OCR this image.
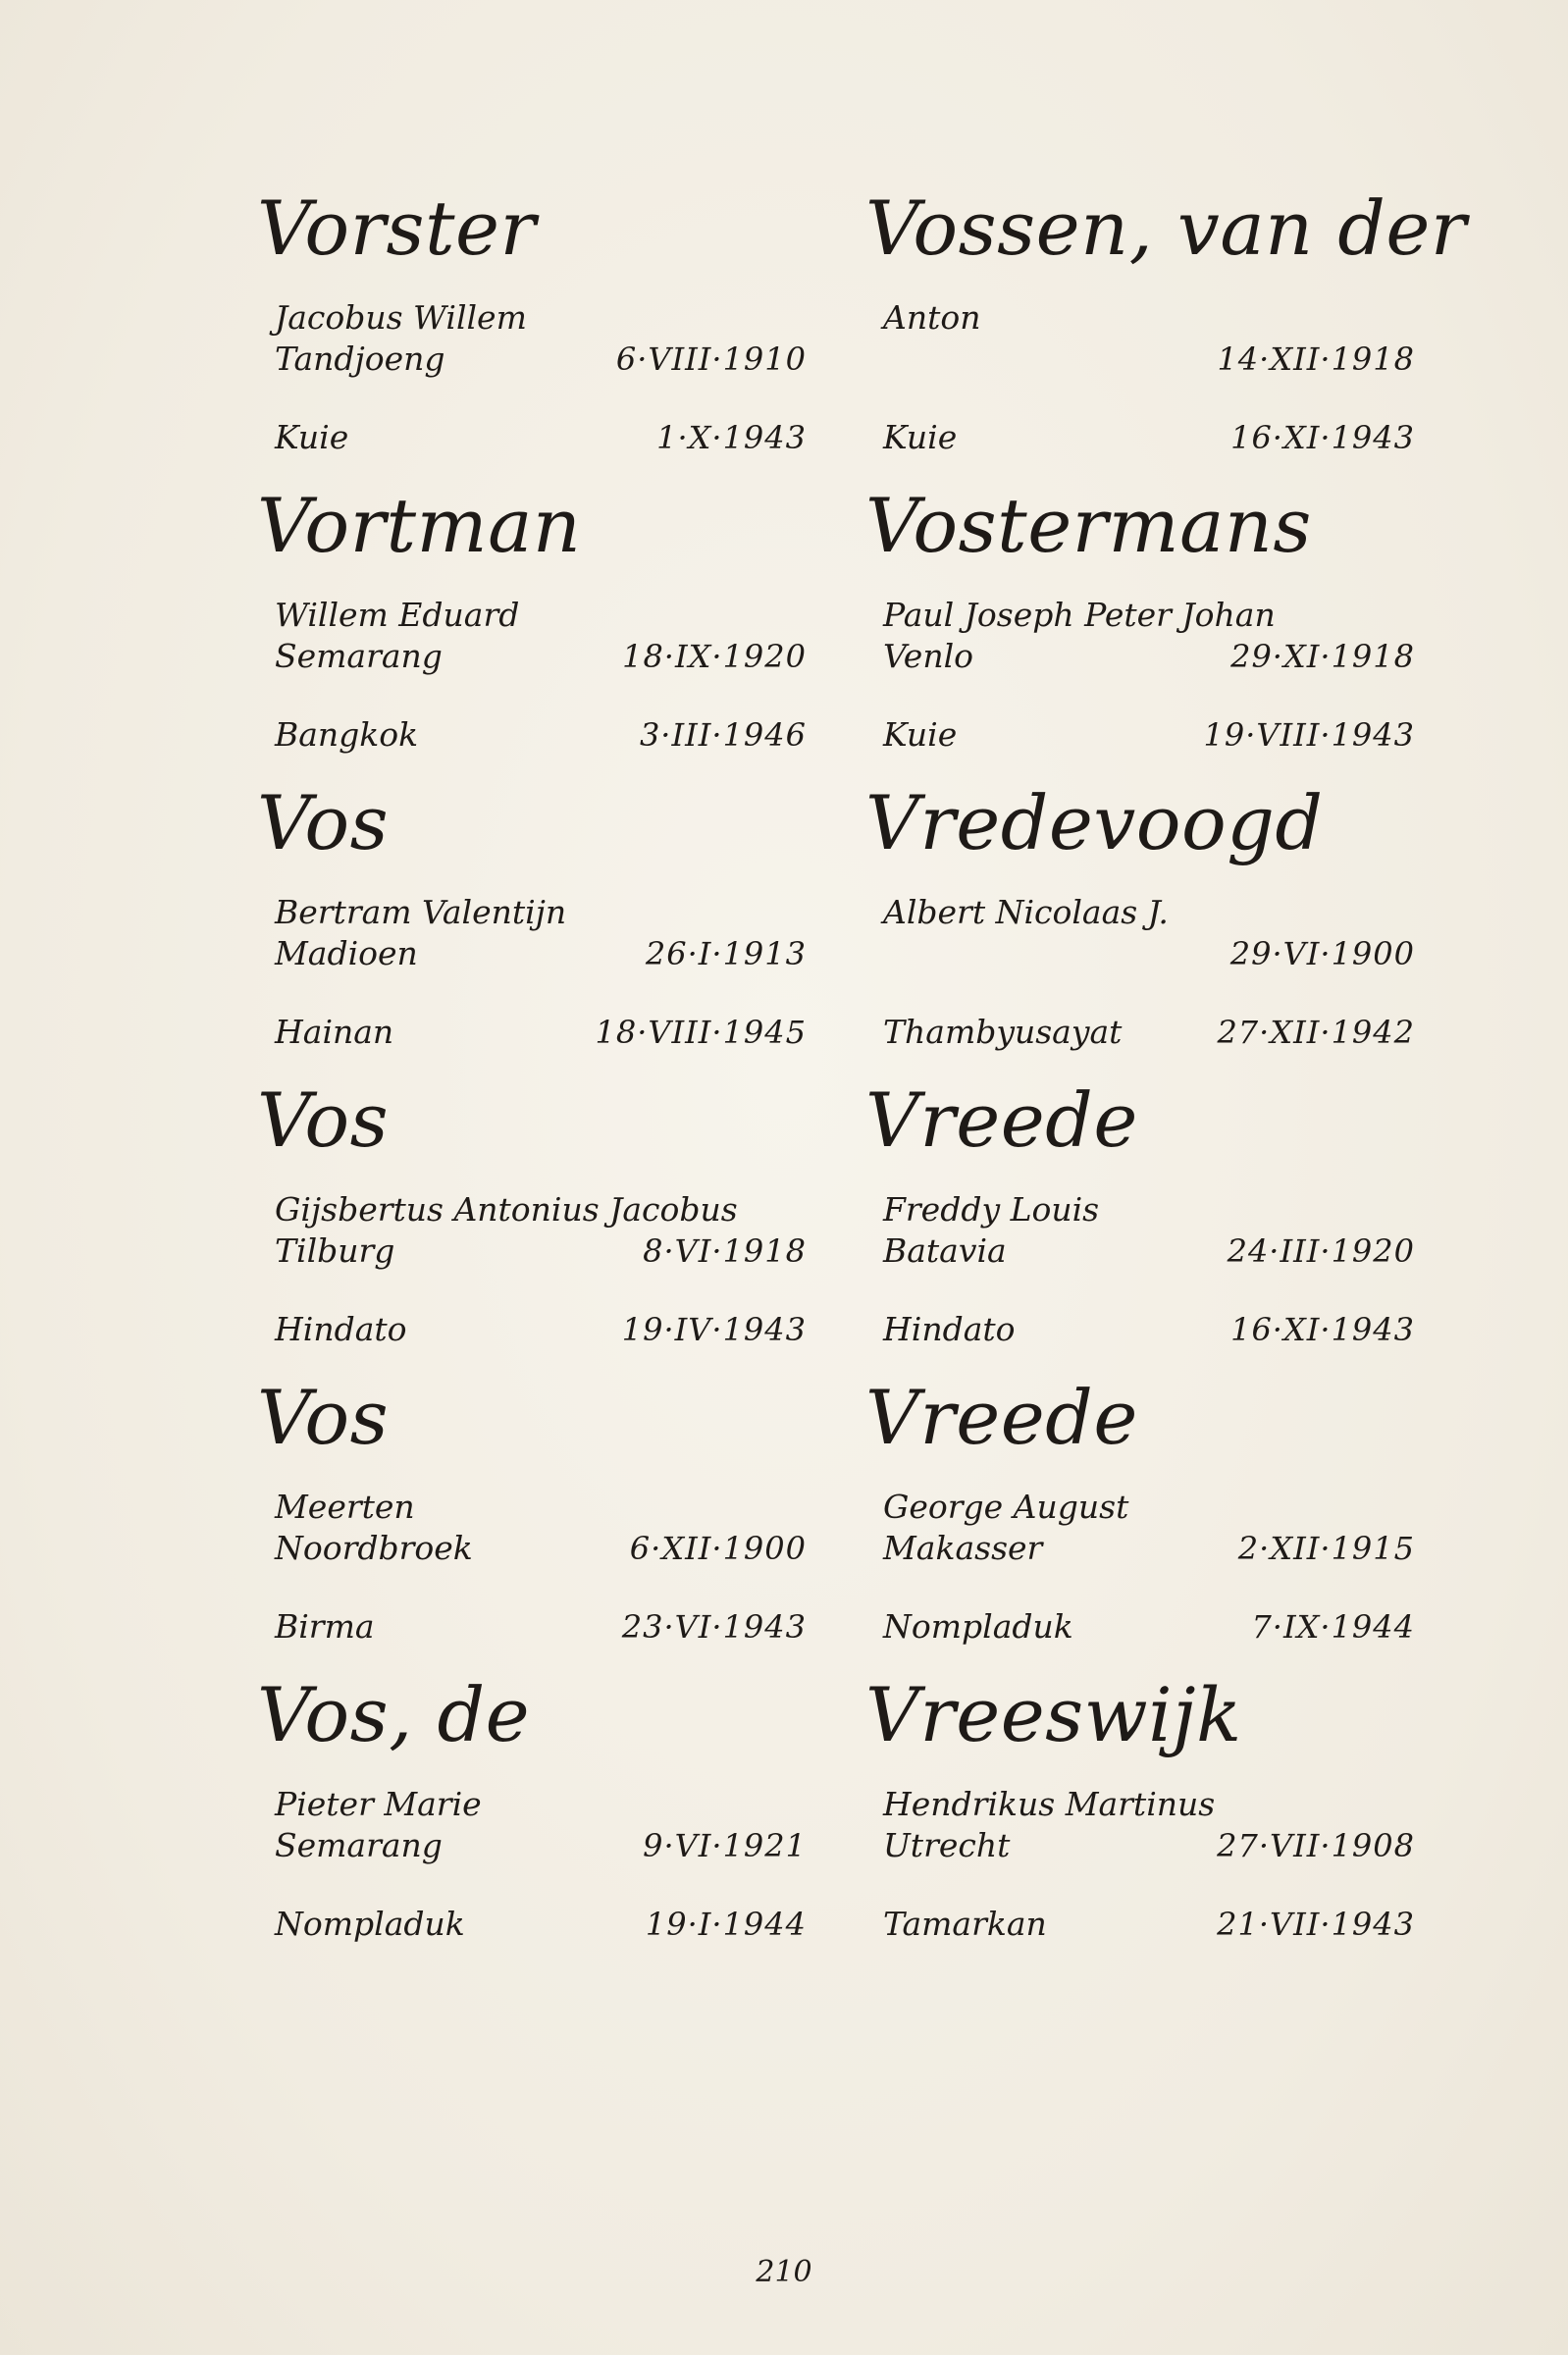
Vorster
Jacobus Willem
Tandjoeng	6·VIII·1910
Kuie	1·X·1943
Vortman
Willem Eduard
Semarang	18·IX·1920
Bangkok	3·III·1946
Vos
Bertram Valentijn
Madioen	26·I·1913
Hainan	18·VIII·1945
Vos
Gijsbertus Antonius Jacobus
Tilburg	8·VI·1918
Hindato	19·IV·1943
Vos
Meerten
Noordbroek	6·XII·1900
Birma	23·VI·1943
Vos, de
Pieter Marie
Semarang	9·VI·1921
Nompladuk	19·I·1944
Vossen, van der
Anton
14·XII·1918
Kuie	16·XI·1943
Vostermans
Paul Joseph Peter Johan
Venlo	29·XI·1918
Kuie	19·VIII·1943
Vredevoogd
Albert Nicolaas J.
29·VI·1900
Thambyusayat	27·XII·1942
Vreede
Freddy Louis
Batavia	24·III·1920
Hindato	16·XI·1943
Vreede
George August
Makasser	2·XII·1915
Nompladuk	7·IX·1944
Vreeswijk
Hendrikus Martinus
Utrecht	27·VII·1908
Tamarkan	21·VII·1943
210
